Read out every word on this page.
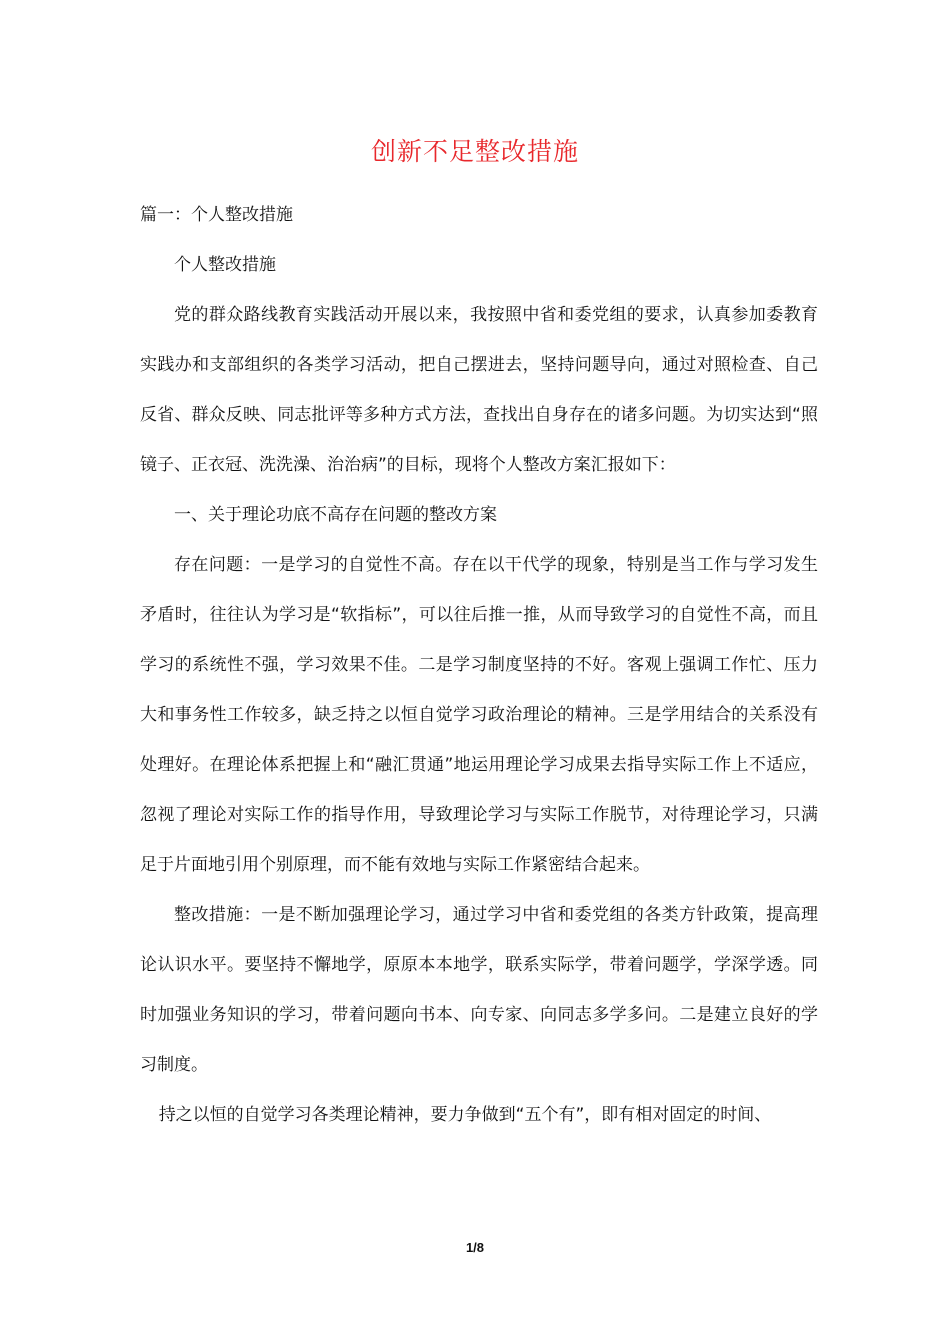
创新不足整改措施

篇一：个人整改措施

个人整改措施

党的群众路线教育实践活动开展以来，我按照中省和委党组的要求，认真参加委教育实践办和支部组织的各类学习活动，把自己摆进去，坚持问题导向，通过对照检查、自己反省、群众反映、同志批评等多种方式方法，查找出自身存在的诸多问题。为切实达到“照镜子、正衣冠、洗洗澡、治治病”的目标，现将个人整改方案汇报如下：

一、关于理论功底不高存在问题的整改方案

存在问题：一是学习的自觉性不高。存在以干代学的现象，特别是当工作与学习发生矛盾时，往往认为学习是“软指标”，可以往后推一推，从而导致学习的自觉性不高，而且学习的系统性不强，学习效果不佳。二是学习制度坚持的不好。客观上强调工作忙、压力大和事务性工作较多，缺乏持之以恒自觉学习政治理论的精神。三是学用结合的关系没有处理好。在理论体系把握上和“融汇贯通”地运用理论学习成果去指导实际工作上不适应，忽视了理论对实际工作的指导作用，导致理论学习与实际工作脱节，对待理论学习，只满足于片面地引用个别原理，而不能有效地与实际工作紧密结合起来。

整改措施：一是不断加强理论学习，通过学习中省和委党组的各类方针政策，提高理论认识水平。要坚持不懈地学，原原本本地学，联系实际学，带着问题学，学深学透。同时加强业务知识的学习，带着问题向书本、向专家、向同志多学多问。二是建立良好的学习制度。

持之以恒的自觉学习各类理论精神，要力争做到“五个有”，即有相对固定的时间、

1/8
